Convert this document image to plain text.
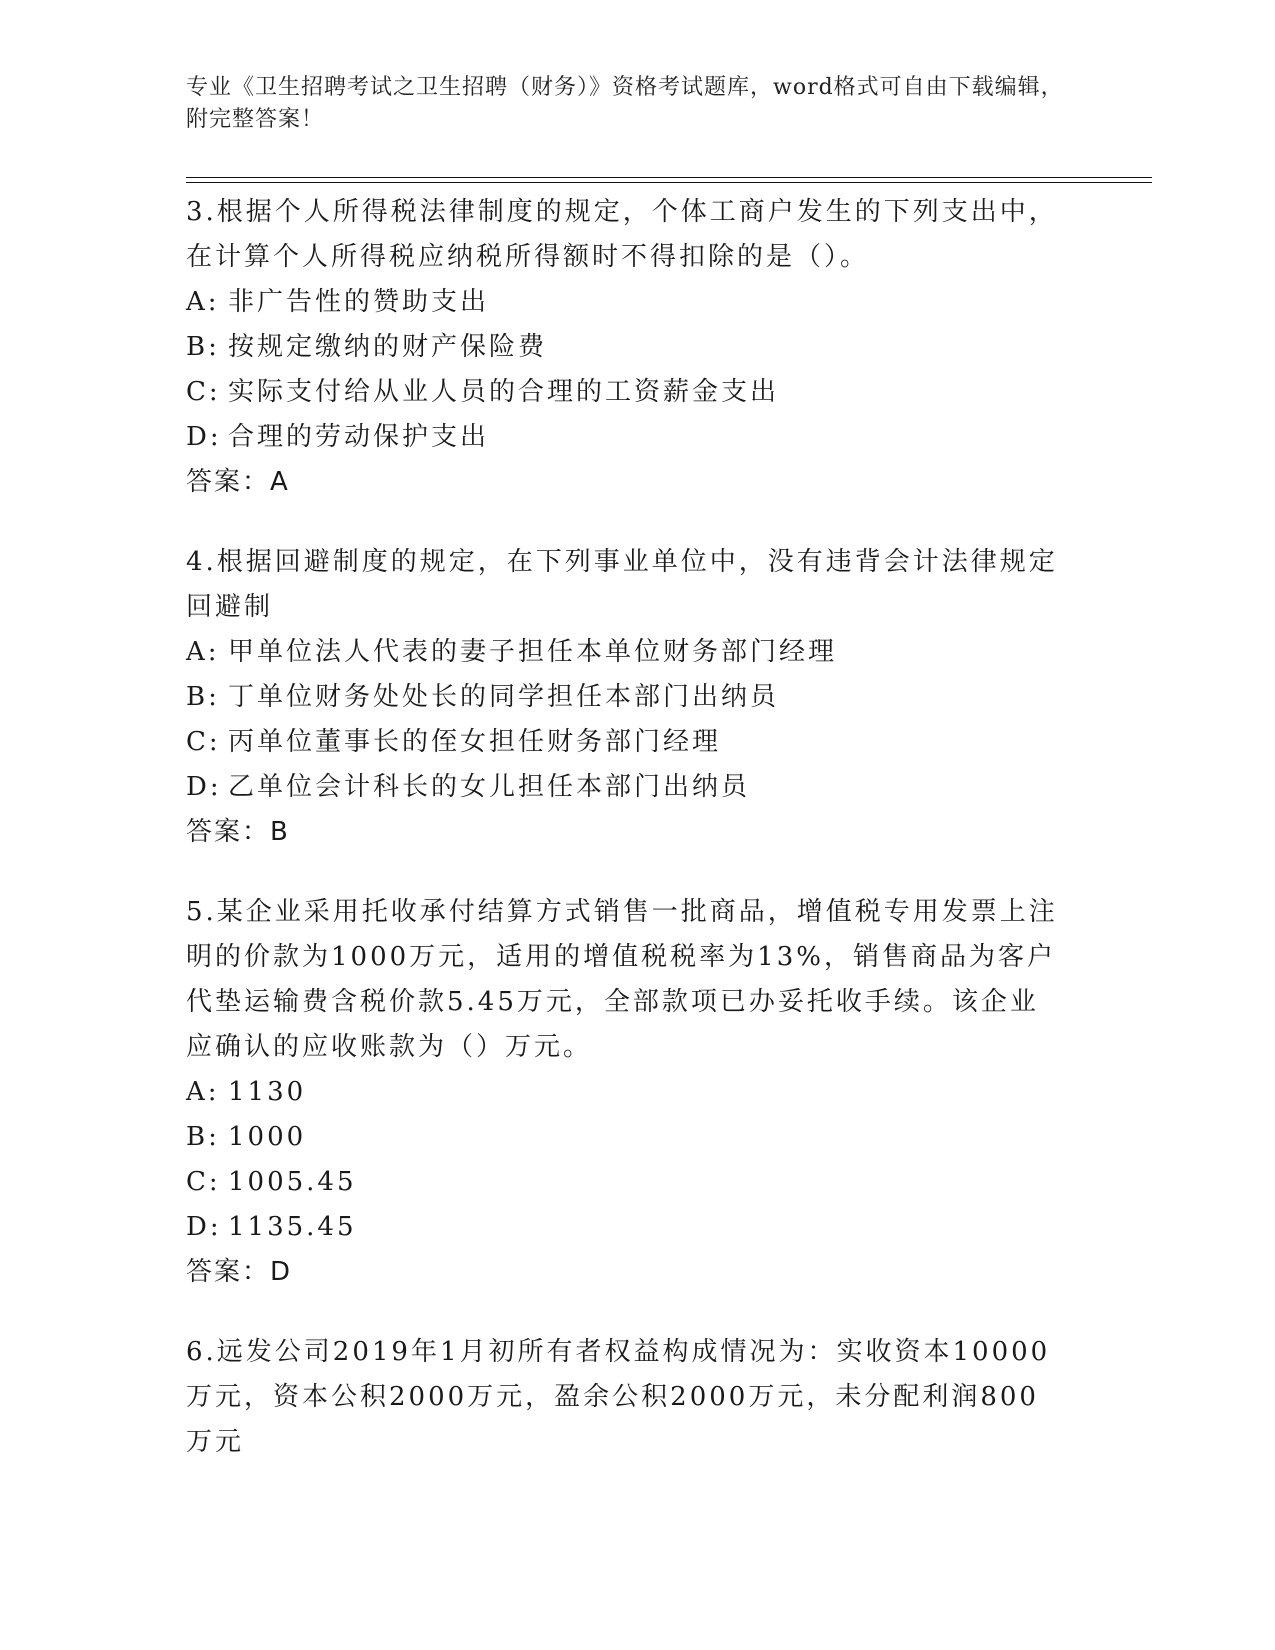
专业《卫生招聘考试之卫生招聘（财务）》资格考试题库，word格式可自由下载编辑，附完整答案！
3.根据个人所得税法律制度的规定，个体工商户发生的下列支出中，在计算个人所得税应纳税所得额时不得扣除的是（）。
A: 非广告性的赞助支出
B: 按规定缴纳的财产保险费
C: 实际支付给从业人员的合理的工资薪金支出
D: 合理的劳动保护支出
答案：A
4.根据回避制度的规定，在下列事业单位中，没有违背会计法律规定回避制
A: 甲单位法人代表的妻子担任本单位财务部门经理
B: 丁单位财务处处长的同学担任本部门出纳员
C: 丙单位董事长的侄女担任财务部门经理
D: 乙单位会计科长的女儿担任本部门出纳员
答案：B
5.某企业采用托收承付结算方式销售一批商品，增值税专用发票上注明的价款为1000万元，适用的增值税税率为13%，销售商品为客户代垫运输费含税价款5.45万元，全部款项已办妥托收手续。该企业应确认的应收账款为（）万元。
A: 1130
B: 1000
C: 1005.45
D: 1135.45
答案：D
6.远发公司2019年1月初所有者权益构成情况为：实收资本10000万元，资本公积2000万元，盈余公积2000万元，未分配利润800万元
